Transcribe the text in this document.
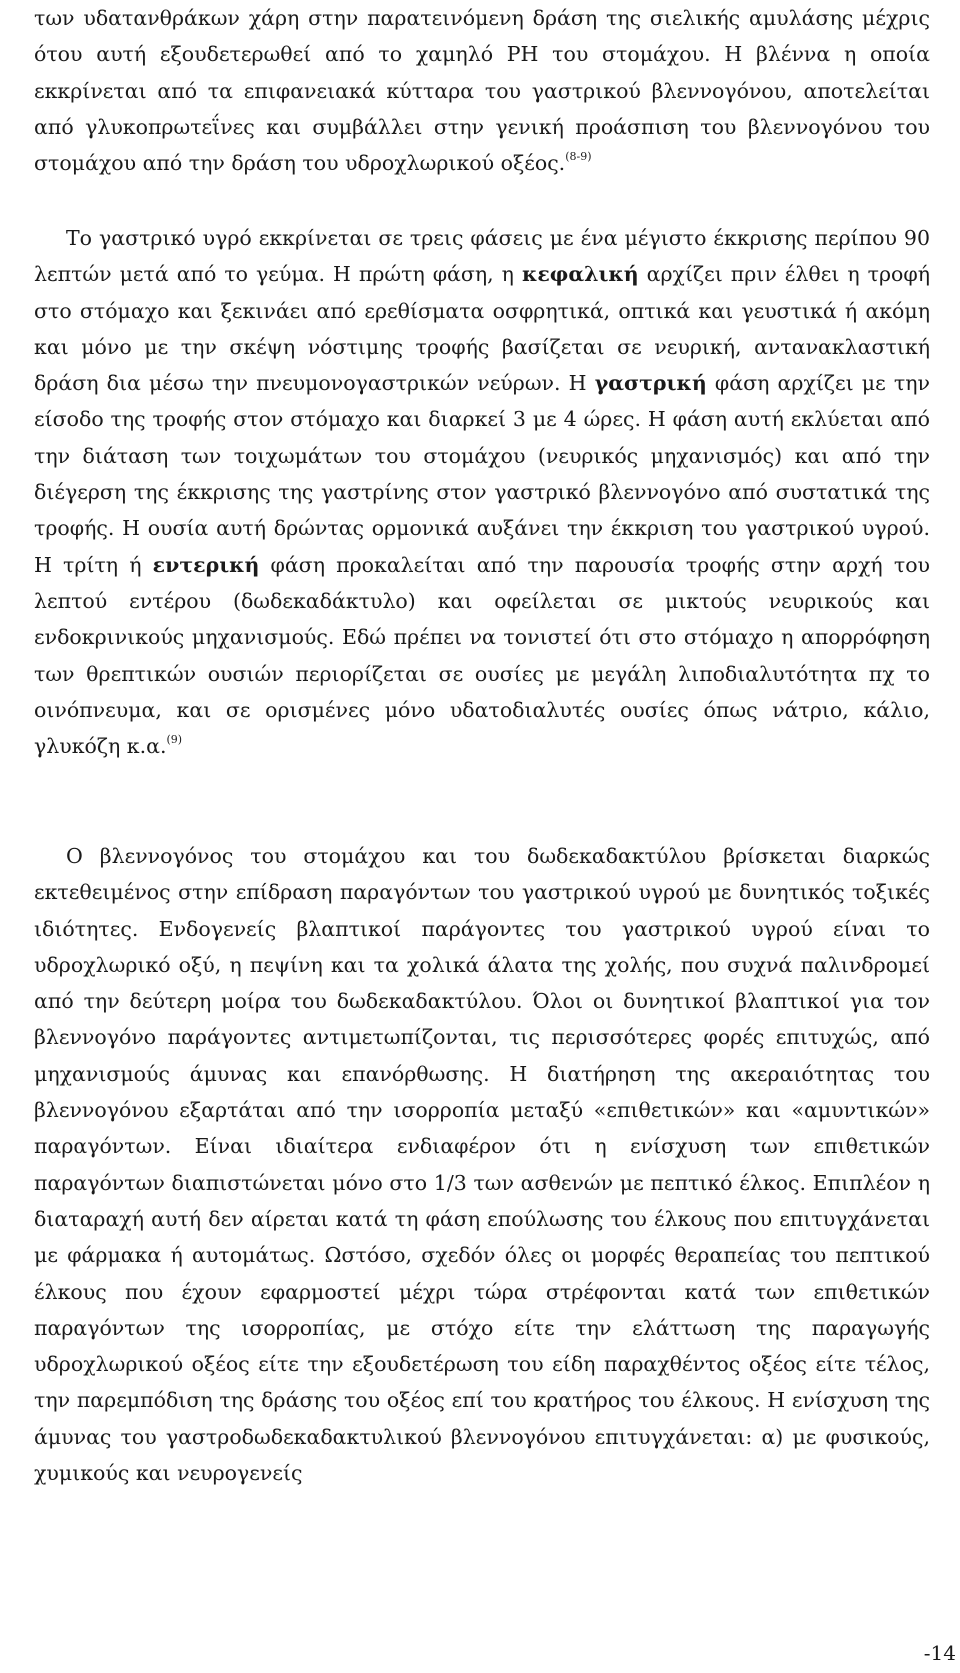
των υδατανθράκων χάρη στην παρατεινόμενη δράση της σιελικής αμυλάσης μέχρις ότου αυτή εξουδετερωθεί από το χαμηλό PH του στομάχου. Η βλέννα η οποία εκκρίνεται από τα επιφανειακά κύτταρα του γαστρικού βλεννογόνου, αποτελείται από γλυκοπρωτεΐνες και συμβάλλει στην γενική προάσπιση του βλεννογόνου του στομάχου από την δράση του υδροχλωρικού οξέος.$^{(8-9)}$

Το γαστρικό υγρό εκκρίνεται σε τρεις φάσεις με ένα μέγιστο έκκρισης περίπου 90 λεπτών μετά από το γεύμα. Η πρώτη φάση, η κεφαλική αρχίζει πριν έλθει η τροφή στο στόμαχο και ξεκινάει από ερεθίσματα οσφρητικά, οπτικά και γευστικά ή ακόμη και μόνο με την σκέψη νόστιμης τροφής βασίζεται σε νευρική, αντανακλαστική δράση δια μέσω την πνευμονογαστρικών νεύρων. Η γαστρική φάση αρχίζει με την είσοδο της τροφής στον στόμαχο και διαρκεί 3 με 4 ώρες. Η φάση αυτή εκλύεται από την διάταση των τοιχωμάτων του στομάχου (νευρικός μηχανισμός) και από την διέγερση της έκκρισης της γαστρίνης στον γαστρικό βλεννογόνο από συστατικά της τροφής. Η ουσία αυτή δρώντας ορμονικά αυξάνει την έκκριση του γαστρικού υγρού. Η τρίτη ή εντερική φάση προκαλείται από την παρουσία τροφής στην αρχή του λεπτού εντέρου (δωδεκαδάκτυλο) και οφείλεται σε μικτούς νευρικούς και ενδοκρινικούς μηχανισμούς. Εδώ πρέπει να τονιστεί ότι στο στόμαχο η απορρόφηση των θρεπτικών ουσιών περιορίζεται σε ουσίες με μεγάλη λιποδιαλυτότητα πχ το οινόπνευμα, και σε ορισμένες μόνο υδατοδιαλυτές ουσίες όπως νάτριο, κάλιο, γλυκόζη κ.α.$^{(9)}$

Ο βλεννογόνος του στομάχου και του δωδεκαδακτύλου βρίσκεται διαρκώς εκτεθειμένος στην επίδραση παραγόντων του γαστρικού υγρού με δυνητικός τοξικές ιδιότητες. Ενδογενείς βλαπτικοί παράγοντες του γαστρικού υγρού είναι το υδροχλωρικό οξύ, η πεψίνη και τα χολικά άλατα της χολής, που συχνά παλινδρομεί από την δεύτερη μοίρα του δωδεκαδακτύλου. Όλοι οι δυνητικοί βλαπτικοί για τον βλεννογόνο παράγοντες αντιμετωπίζονται, τις περισσότερες φορές επιτυχώς, από μηχανισμούς άμυνας και επανόρθωσης. Η διατήρηση της ακεραιότητας του βλεννογόνου εξαρτάται από την ισορροπία μεταξύ «επιθετικών» και «αμυντικών» παραγόντων. Είναι ιδιαίτερα ενδιαφέρον ότι η ενίσχυση των επιθετικών παραγόντων διαπιστώνεται μόνο στο 1/3 των ασθενών με πεπτικό έλκος. Επιπλέον η διαταραχή αυτή δεν αίρεται κατά τη φάση επούλωσης του έλκους που επιτυγχάνεται με φάρμακα ή αυτομάτως. Ωστόσο, σχεδόν όλες οι μορφές θεραπείας του πεπτικού έλκους που έχουν εφαρμοστεί μέχρι τώρα στρέφονται κατά των επιθετικών παραγόντων της ισορροπίας, με στόχο είτε την ελάττωση της παραγωγής υδροχλωρικού οξέος είτε την εξουδετέρωση του είδη παραχθέντος οξέος είτε τέλος, την παρεμπόδιση της δράσης του οξέος επί του κρατήρος του έλκους. Η ενίσχυση της άμυνας του γαστροδωδεκαδακτυλικού βλεννογόνου επιτυγχάνεται: α) με φυσικούς, χυμικούς και νευρογενείς

-14
